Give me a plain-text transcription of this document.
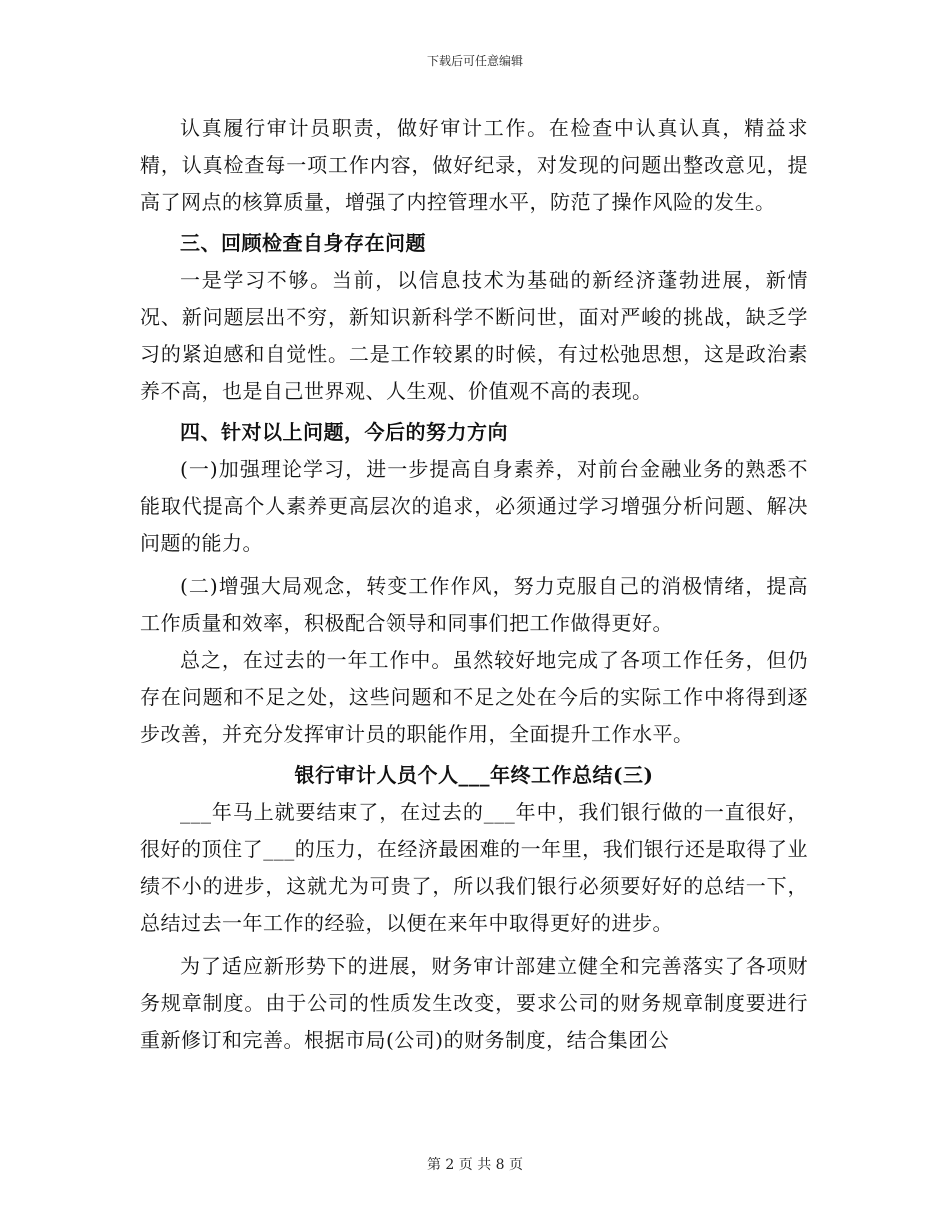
下载后可任意编辑

认真履行审计员职责，做好审计工作。在检查中认真认真，精益求精，认真检查每一项工作内容，做好纪录，对发现的问题出整改意见，提高了网点的核算质量，增强了内控管理水平，防范了操作风险的发生。

三、回顾检查自身存在问题

一是学习不够。当前，以信息技术为基础的新经济蓬勃进展，新情况、新问题层出不穷，新知识新科学不断问世，面对严峻的挑战，缺乏学习的紧迫感和自觉性。二是工作较累的时候，有过松弛思想，这是政治素养不高，也是自己世界观、人生观、价值观不高的表现。

四、针对以上问题，今后的努力方向

(一)加强理论学习，进一步提高自身素养，对前台金融业务的熟悉不能取代提高个人素养更高层次的追求，必须通过学习增强分析问题、解决问题的能力。

(二)增强大局观念，转变工作作风，努力克服自己的消极情绪，提高工作质量和效率，积极配合领导和同事们把工作做得更好。

总之，在过去的一年工作中。虽然较好地完成了各项工作任务，但仍存在问题和不足之处，这些问题和不足之处在今后的实际工作中将得到逐步改善，并充分发挥审计员的职能作用，全面提升工作水平。

银行审计人员个人___年终工作总结(三)

___年马上就要结束了，在过去的___年中，我们银行做的一直很好，很好的顶住了___的压力，在经济最困难的一年里，我们银行还是取得了业绩不小的进步，这就尤为可贵了，所以我们银行必须要好好的总结一下，总结过去一年工作的经验，以便在来年中取得更好的进步。

为了适应新形势下的进展，财务审计部建立健全和完善落实了各项财务规章制度。由于公司的性质发生改变，要求公司的财务规章制度要进行重新修订和完善。根据市局(公司)的财务制度，结合集团公

第 2 页 共 8 页
